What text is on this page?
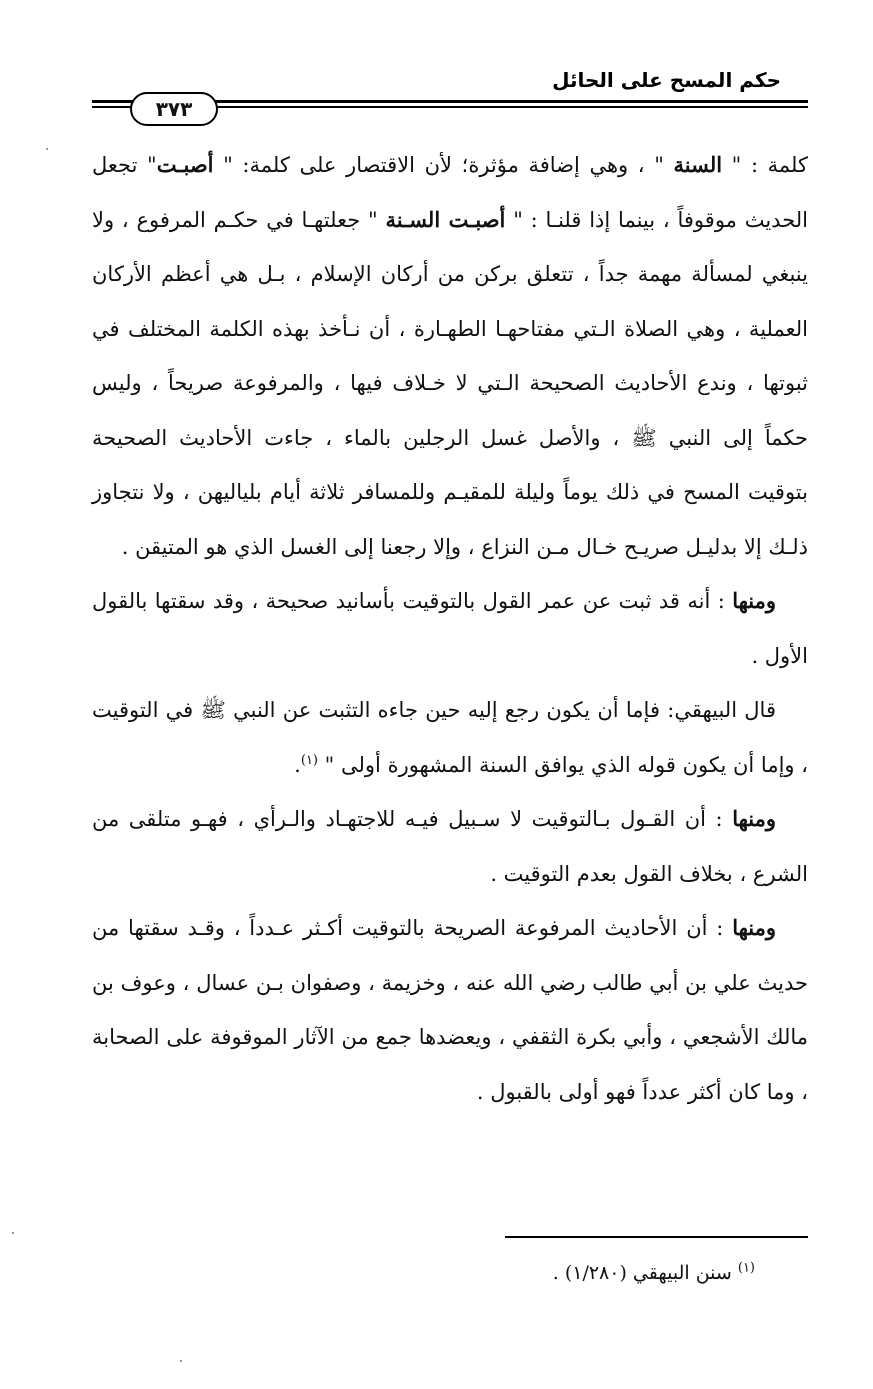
حكم المسح على الحائل
٣٧٣

كلمة : " السنة " ، وهي إضافة مؤثرة؛ لأن الاقتصار على كلمة: " أصبـت" تجعل الحديث موقوفاً ، بينما إذا قلنـا : " أصبـت السـنة " جعلتهـا في حكـم المرفوع ، ولا ينبغي لمسألة مهمة جداً ، تتعلق بركن من أركان الإسلام ، بـل هي أعظم الأركان العملية ، وهي الصلاة الـتي مفتاحهـا الطهـارة ، أن نـأخذ بهذه الكلمة المختلف في ثبوتها ، وندع الأحاديث الصحيحة الـتي لا خـلاف فيها ، والمرفوعة صريحاً ، وليس حكماً إلى النبي ﷺ ، والأصل غسل الرجلين بالماء ، جاءت الأحاديث الصحيحة بتوقيت المسح في ذلك يوماً وليلة للمقيـم وللمسافر ثلاثة أيام بلياليهن ، ولا نتجاوز ذلـك إلا بدليـل صريـح خـال مـن النزاع ، وإلا رجعنا إلى الغسل الذي هو المتيقن .

ومنها : أنه قد ثبت عن عمر القول بالتوقيت بأسانيد صحيحة ، وقد سقتها بالقول الأول .

قال البيهقي: فإما أن يكون رجع إليه حين جاءه التثبت عن النبي ﷺ في التوقيت ، وإما أن يكون قوله الذي يوافق السنة المشهورة أولى " $^{(١)}$.

ومنها : أن القـول بـالتوقيت لا سـبيل فيـه للاجتهـاد والـرأي ، فهـو متلقى من الشرع ، بخلاف القول بعدم التوقيت .

ومنها : أن الأحاديث المرفوعة الصريحة بالتوقيت أكـثر عـدداً ، وقـد سقتها من حديث علي بن أبي طالب رضي الله عنه ، وخزيمة ، وصفوان بـن عسال ، وعوف بن مالك الأشجعي ، وأبي بكرة الثقفي ، ويعضدها جمع من الآثار الموقوفة على الصحابة ، وما كان أكثر عدداً فهو أولى بالقبول .

$^{(١)}$ سنن البيهقي (١/٢٨٠) .
